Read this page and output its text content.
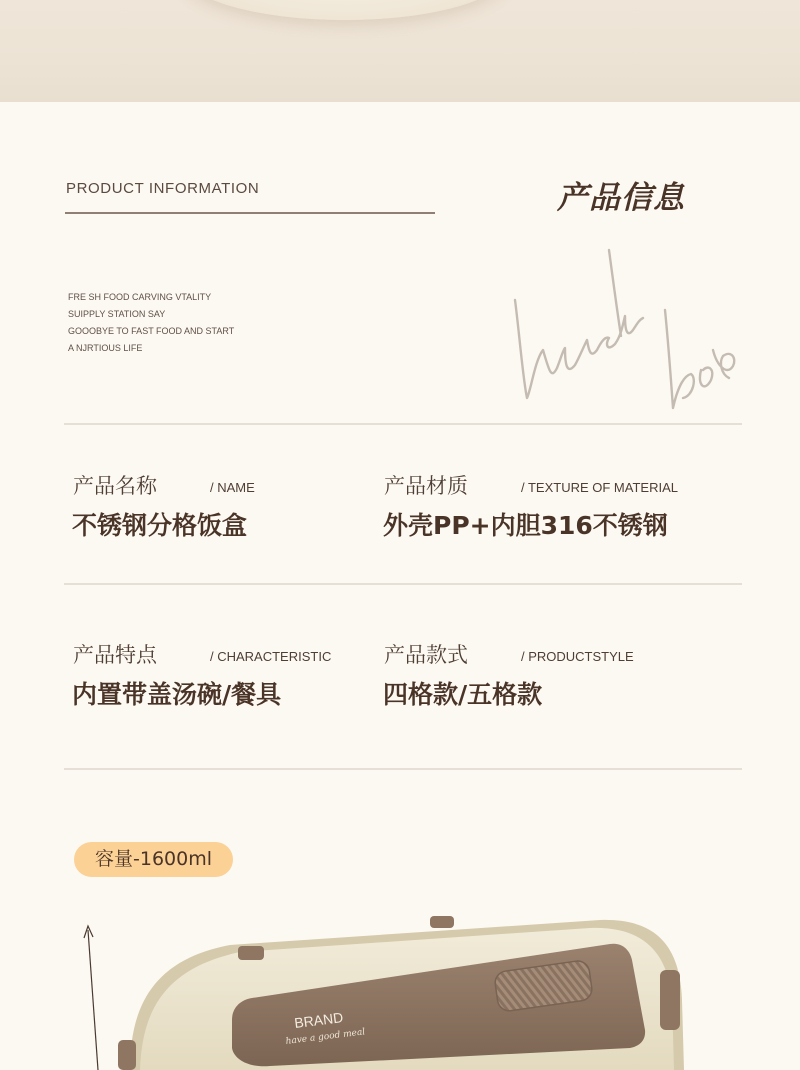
PRODUCT INFORMATION	产品信息
FRE SH FOOD CARVING VTALITY
SUIPPLY STATION SAY
GOOOBYE TO FAST FOOD AND START
A NJRTIOUS LIFE
产品名称	/ NAME
不锈钢分格饭盒
产品材质	/ TEXTURE OF MATERIAL
外壳PP+内胆316不锈钢
产品特点	/ CHARACTERISTIC
内置带盖汤碗/餐具
产品款式	/ PRODUCTSTYLE
四格款/五格款
容量-1600ml
BRAND
have a good meal
